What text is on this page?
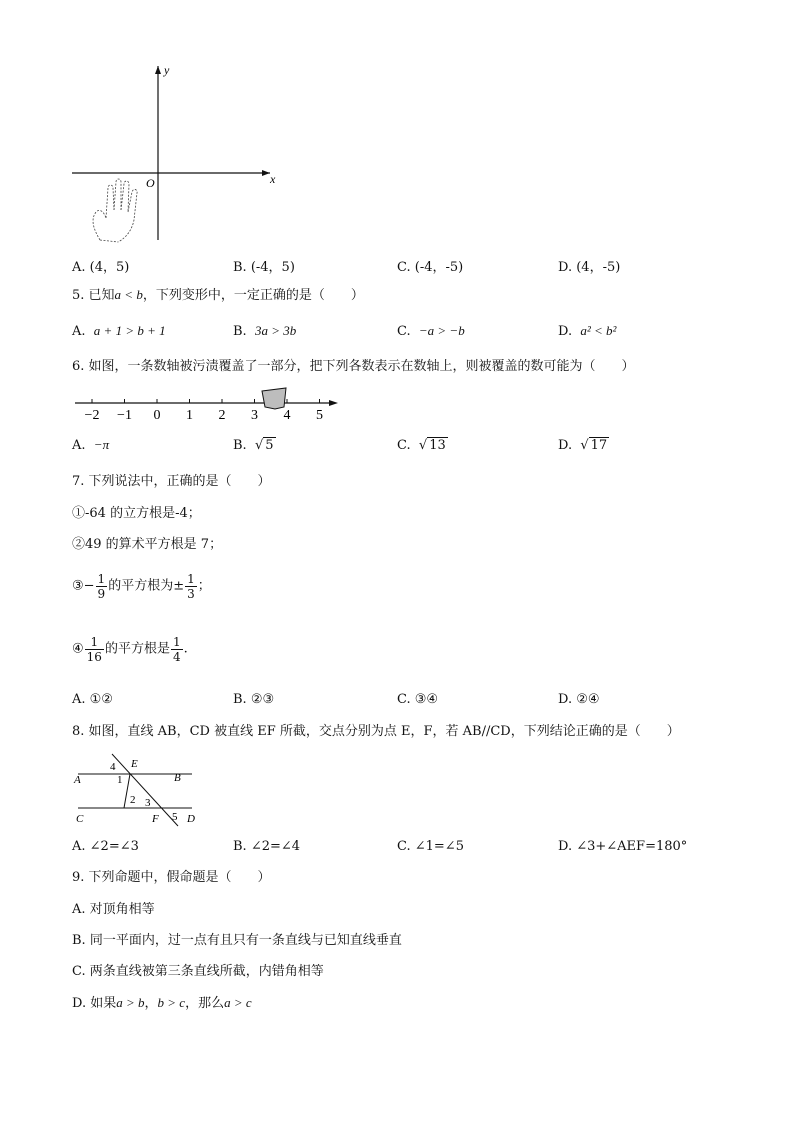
y
x
O
A. (4，5)	B. (‐4，5)	C. (‐4，‐5)	D. (4，‐5)
5. 已知a < b，下列变形中，一定正确的是（　　）
A. a + 1 > b + 1	B. 3a > 3b	C. −a > −b	D. a² < b²
6. 如图，一条数轴被污渍覆盖了一部分，把下列各数表示在数轴上，则被覆盖的数可能为（　　）
−2 −1 0 1 2 3 4 5
A. −π	B. √ 5	C. √ 13	D. √ 17
7. 下列说法中，正确的是（　　）
①‐64 的立方根是‐4；
②49 的算术平方根是 7；
③− $\frac{1}{9}$ 的平方根为± $\frac{1}{3}$ ；
④ $\frac{1}{16}$ 的平方根是 $\frac{1}{4}$ .
A. ①②	B. ②③	C. ③④	D. ②④
8. 如图，直线 AB，CD 被直线 EF 所截，交点分别为点 E，F，若 AB//CD，下列结论正确的是（　　）
A	B
C	D
E
F
1
2 3
4
5
A. ∠2=∠3	B. ∠2=∠4	C. ∠1=∠5	D. ∠3+∠AEF=180°
9. 下列命题中，假命题是（　　）
A. 对顶角相等
B. 同一平面内，过一点有且只有一条直线与已知直线垂直
C. 两条直线被第三条直线所截，内错角相等
D. 如果a > b，b > c，那么a > c
